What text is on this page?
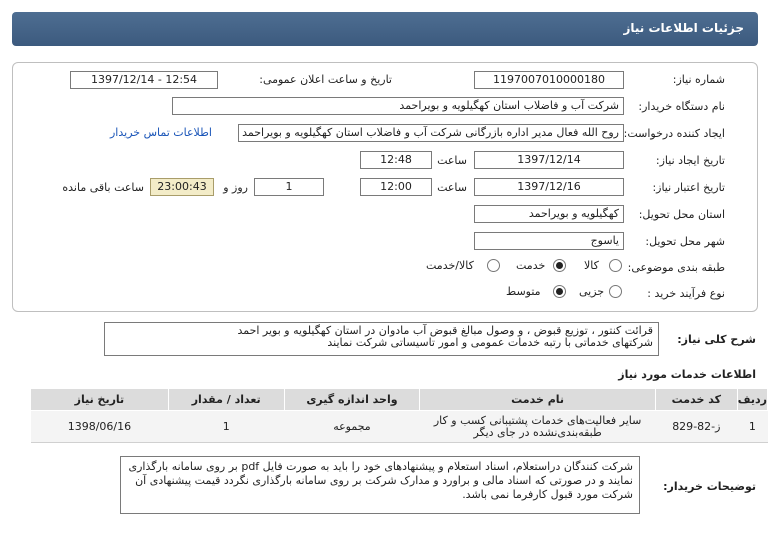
جزئیات اطلاعات نیاز
شماره نیاز:
1197007010000180
تاریخ و ساعت اعلان عمومی:
1397/12/14 - 12:54
نام دستگاه خریدار:
شرکت آب و فاضلاب استان کهگیلویه و بویراحمد
ایجاد کننده درخواست:
روح الله فعال مدیر اداره بازرگانی شرکت آب و فاضلاب استان کهگیلویه و بویراحمد
اطلاعات تماس خریدار
تاریخ ایجاد نیاز:
1397/12/14
ساعت
12:48
تاریخ اعتبار نیاز:
1397/12/16
ساعت
12:00
1
روز و
23:00:43
ساعت باقی مانده
استان محل تحویل:
کهگیلویه و بویراحمد
شهر محل تحویل:
یاسوج
طبقه بندی موضوعی:
کالا
خدمت
کالا/خدمت
نوع فرآیند خرید :
جزیی
متوسط
شرح کلی نیاز:
قرائت کنتور ، توزیع قبوض ، و وصول مبالغ قبوض آب مادوان در استان کهگیلویه و بویر احمد
شرکتهای خدماتی با رتبه خدمات عمومی و امور تاسیساتی شرکت نمایند
اطلاعات خدمات مورد نیاز
ردیف	کد خدمت	نام خدمت	واحد اندازه گیری	تعداد / مقدار	تاریخ نیاز
1	ز-82-829	سایر فعالیت‌های خدمات پشتیبانی کسب و کار
طبقه‌بندی‌نشده در جای دیگر	مجموعه	1	1398/06/16
توضیحات خریدار:
شرکت کنندگان دراستعلام، اسناد استعلام و پیشنهادهای خود را باید به صورت فایل pdf بر روی سامانه بارگذاری نمایند و در صورتی که اسناد مالی و براورد و مدارک شرکت بر روی سامانه بارگذاری نگردد قیمت پیشنهادی آن شرکت مورد قبول کارفرما نمی باشد.
